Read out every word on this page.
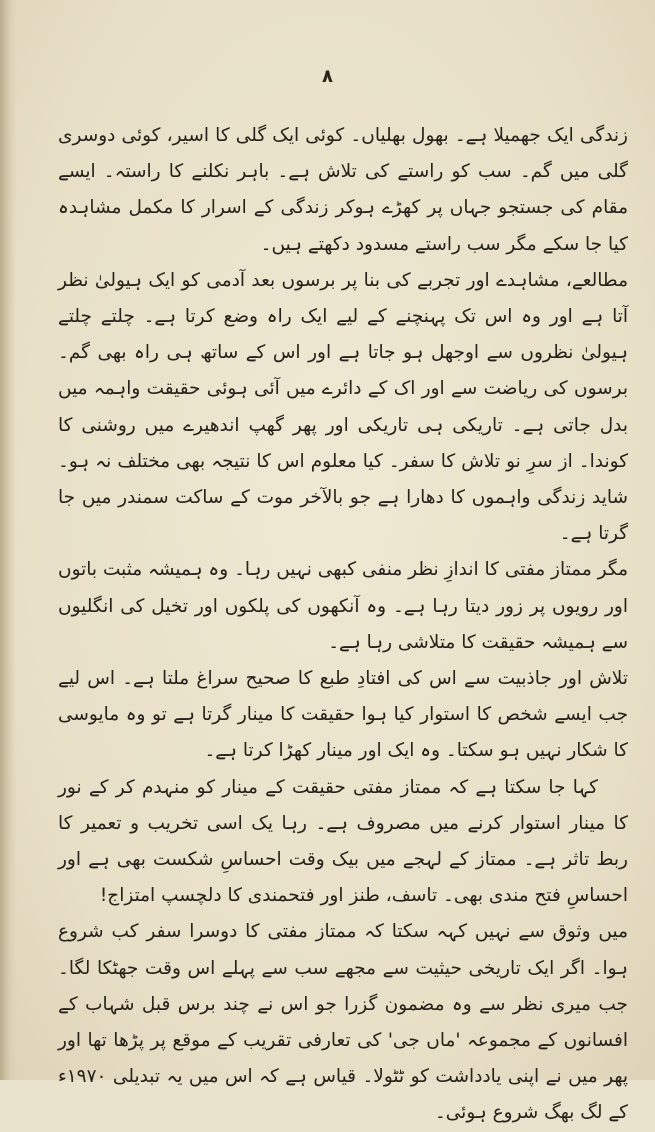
۸

زندگی ایک جھمیلا ہے۔ بھول بھلیاں۔ کوئی ایک گلی کا اسیر، کوئی دوسری گلی میں گم۔ سب کو راستے کی تلاش ہے۔ باہر نکلنے کا راستہ۔ ایسے مقام کی جستجو جہاں پر کھڑے ہوکر زندگی کے اسرار کا مکمل مشاہدہ کیا جا سکے مگر سب راستے مسدود دکھتے ہیں۔

مطالعے، مشاہدے اور تجربے کی بنا پر برسوں بعد آدمی کو ایک ہیولیٰ نظر آتا ہے اور وہ اس تک پہنچنے کے لیے ایک راہ وضع کرتا ہے۔ چلتے چلتے ہیولیٰ نظروں سے اوجھل ہو جاتا ہے اور اس کے ساتھ ہی راہ بھی گم۔ برسوں کی ریاضت سے اور اک کے دائرے میں آئی ہوئی حقیقت واہمہ میں بدل جاتی ہے۔ تاریکی ہی تاریکی اور پھر گھپ اندھیرے میں روشنی کا کوندا۔ از سرِ نو تلاش کا سفر۔ کیا معلوم اس کا نتیجہ بھی مختلف نہ ہو۔ شاید زندگی واہموں کا دھارا ہے جو بالآخر موت کے ساکت سمندر میں جا گرتا ہے۔

مگر ممتاز مفتی کا اندازِ نظر منفی کبھی نہیں رہا۔ وہ ہمیشہ مثبت باتوں اور رویوں پر زور دیتا رہا ہے۔ وہ آنکھوں کی پلکوں اور تخیل کی انگلیوں سے ہمیشہ حقیقت کا متلاشی رہا ہے۔

تلاش اور جاذبیت سے اس کی افتادِ طبع کا صحیح سراغ ملتا ہے۔ اس لیے جب ایسے شخص کا استوار کیا ہوا حقیقت کا مینار گرتا ہے تو وہ مایوسی کا شکار نہیں ہو سکتا۔ وہ ایک اور مینار کھڑا کرتا ہے۔

کہا جا سکتا ہے کہ ممتاز مفتی حقیقت کے مینار کو منہدم کر کے نور کا مینار استوار کرنے میں مصروف ہے۔ رہا یک اسی تخریب و تعمیر کا ربط تاثر ہے۔ ممتاز کے لہجے میں بیک وقت احساسِ شکست بھی ہے اور احساسِ فتح مندی بھی۔ تاسف، طنز اور فتحمندی کا دلچسپ امتزاج!

میں وثوق سے نہیں کہہ سکتا کہ ممتاز مفتی کا دوسرا سفر کب شروع ہوا۔ اگر ایک تاریخی حیثیت سے مجھے سب سے پہلے اس وقت جھٹکا لگا۔ جب میری نظر سے وہ مضمون گزرا جو اس نے چند برس قبل شہاب کے افسانوں کے مجموعہ 'ماں جی' کی تعارفی تقریب کے موقع پر پڑھا تھا اور پھر میں نے اپنی یادداشت کو ٹٹولا۔ قیاس ہے کہ اس میں یہ تبدیلی ۱۹۷۰ء کے لگ بھگ شروع ہوئی۔
